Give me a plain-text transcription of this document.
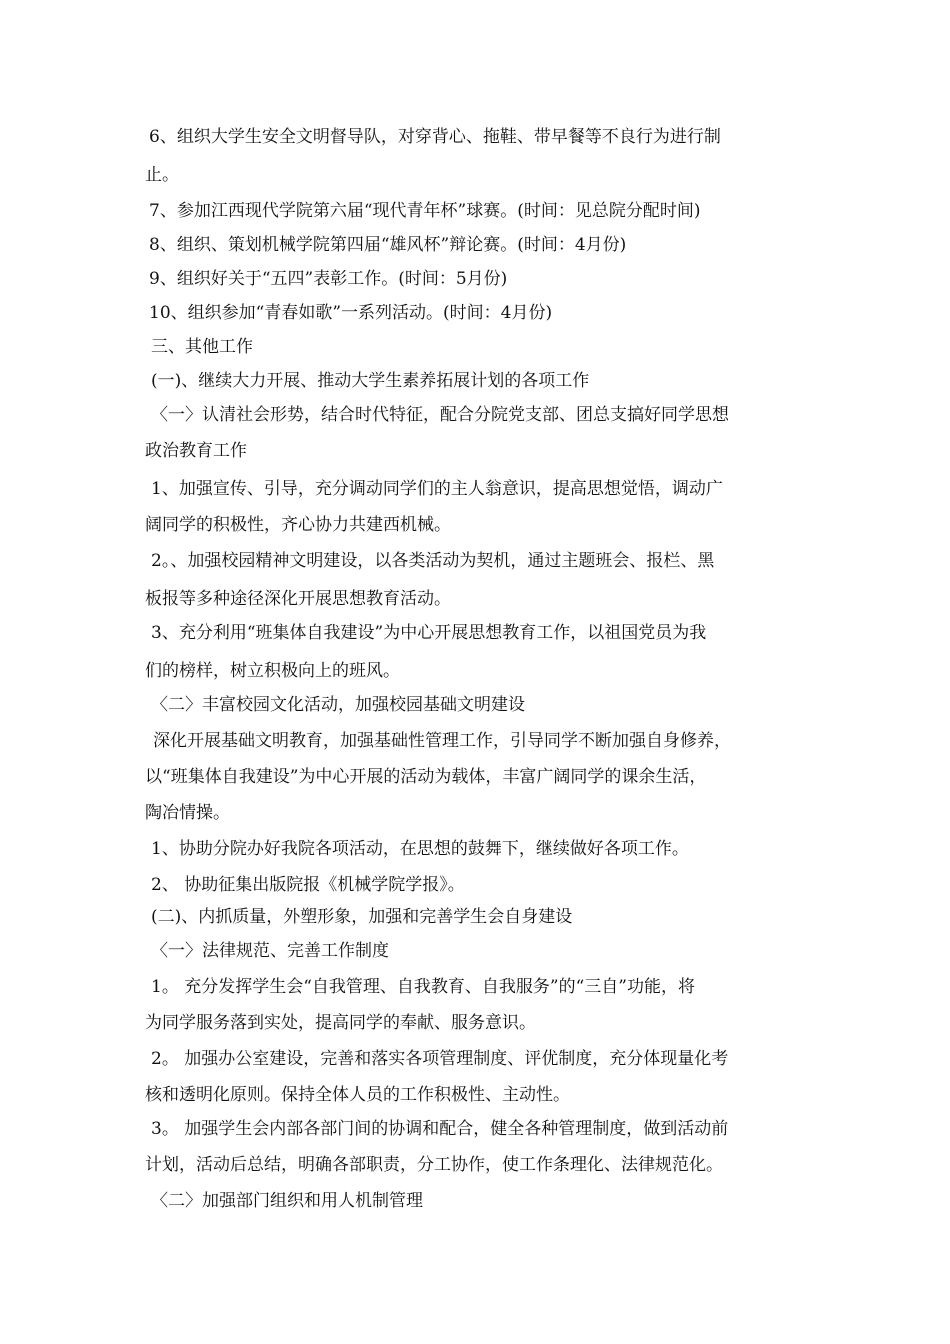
6、组织大学生安全文明督导队，对穿背心、拖鞋、带早餐等不良行为进行制
止。
7、参加江西现代学院第六届“现代青年杯”球赛。(时间：见总院分配时间)
8、组织、策划机械学院第四届“雄风杯”辩论赛。(时间：4月份)
9、组织好关于“五四”表彰工作。(时间：5月份)
10、组织参加“青春如歌”一系列活动。(时间：4月份)
三、其他工作
(一)、继续大力开展、推动大学生素养拓展计划的各项工作
〈一〉认清社会形势，结合时代特征，配合分院党支部、团总支搞好同学思想
政治教育工作
1、加强宣传、引导，充分调动同学们的主人翁意识，提高思想觉悟，调动广
阔同学的积极性，齐心协力共建西机械。
2。、加强校园精神文明建设，以各类活动为契机，通过主题班会、报栏、黑
板报等多种途径深化开展思想教育活动。
3、充分利用“班集体自我建设”为中心开展思想教育工作，以祖国党员为我
们的榜样，树立积极向上的班风。
〈二〉丰富校园文化活动，加强校园基础文明建设
深化开展基础文明教育，加强基础性管理工作，引导同学不断加强自身修养，
以“班集体自我建设”为中心开展的活动为载体，丰富广阔同学的课余生活，
陶冶情操。
1、协助分院办好我院各项活动，在思想的鼓舞下，继续做好各项工作。
2、 协助征集出版院报《机械学院学报》。
(二)、内抓质量，外塑形象，加强和完善学生会自身建设
〈一〉法律规范、完善工作制度
1。 充分发挥学生会“自我管理、自我教育、自我服务”的“三自”功能，将
为同学服务落到实处，提高同学的奉献、服务意识。
2。 加强办公室建设，完善和落实各项管理制度、评优制度，充分体现量化考
核和透明化原则。保持全体人员的工作积极性、主动性。
3。 加强学生会内部各部门间的协调和配合，健全各种管理制度，做到活动前
计划，活动后总结，明确各部职责，分工协作，使工作条理化、法律规范化。
〈二〉加强部门组织和用人机制管理
